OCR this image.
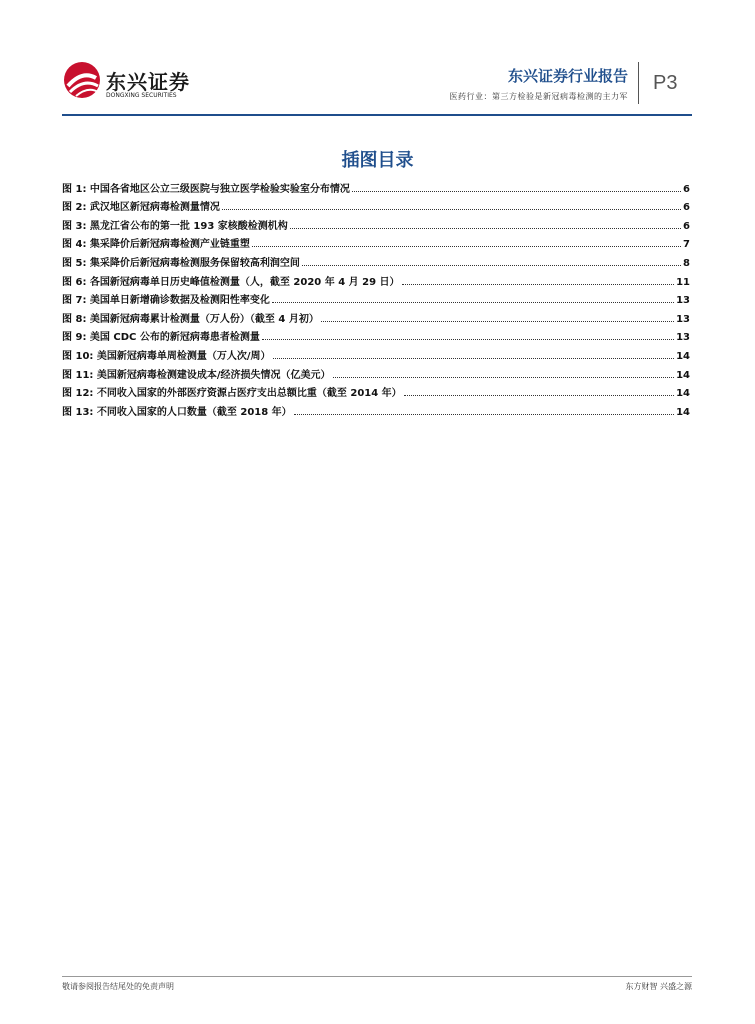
东兴证券
DONGXING SECURITIES
东兴证券行业报告
医药行业：第三方检验是新冠病毒检测的主力军
P3
插图目录
图 1: 中国各省地区公立三级医院与独立医学检验实验室分布情况	6
图 2: 武汉地区新冠病毒检测量情况	6
图 3: 黑龙江省公布的第一批 193 家核酸检测机构	6
图 4: 集采降价后新冠病毒检测产业链重塑	7
图 5: 集采降价后新冠病毒检测服务保留较高利润空间	8
图 6: 各国新冠病毒单日历史峰值检测量（人，截至 2020 年 4 月 29 日）	11
图 7: 美国单日新增确诊数据及检测阳性率变化	13
图 8: 美国新冠病毒累计检测量（万人份）（截至 4 月初）	13
图 9: 美国 CDC 公布的新冠病毒患者检测量	13
图 10: 美国新冠病毒单周检测量（万人次/周）	14
图 11: 美国新冠病毒检测建设成本/经济损失情况（亿美元）	14
图 12: 不同收入国家的外部医疗资源占医疗支出总额比重（截至 2014 年）	14
图 13: 不同收入国家的人口数量（截至 2018 年）	14
敬请参阅报告结尾处的免责声明	东方财智 兴盛之源
